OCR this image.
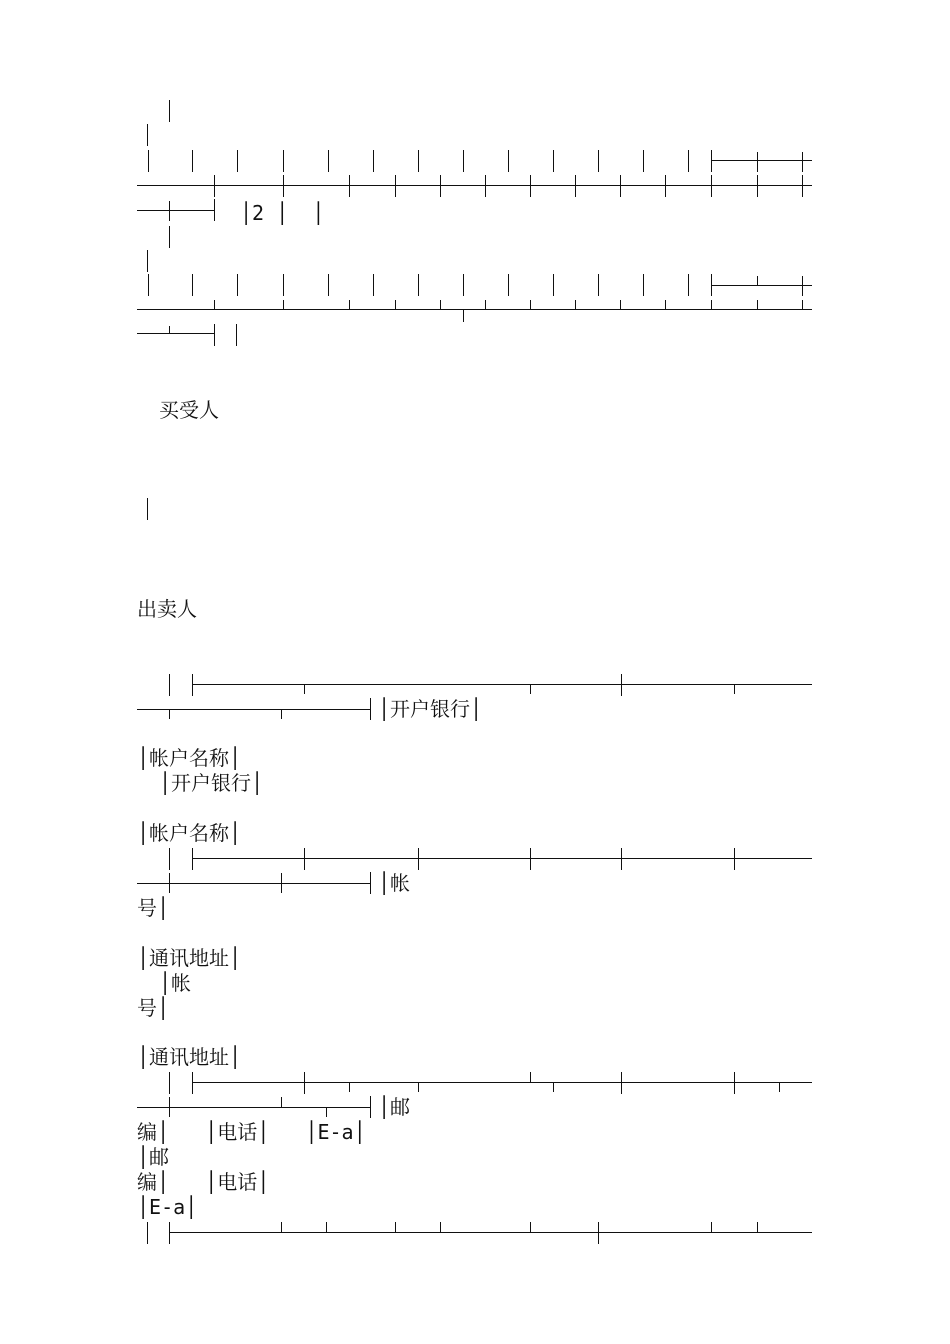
│2 │  │
买受人
出卖人
│开户银行│
│帐户名称│
│开户银行│
│帐户名称│
│帐
号│
│通讯地址│
│帐
号│
│通讯地址│
│邮
编│   │电话│   │E-a│
│邮
编│   │电话│
│E-a│
